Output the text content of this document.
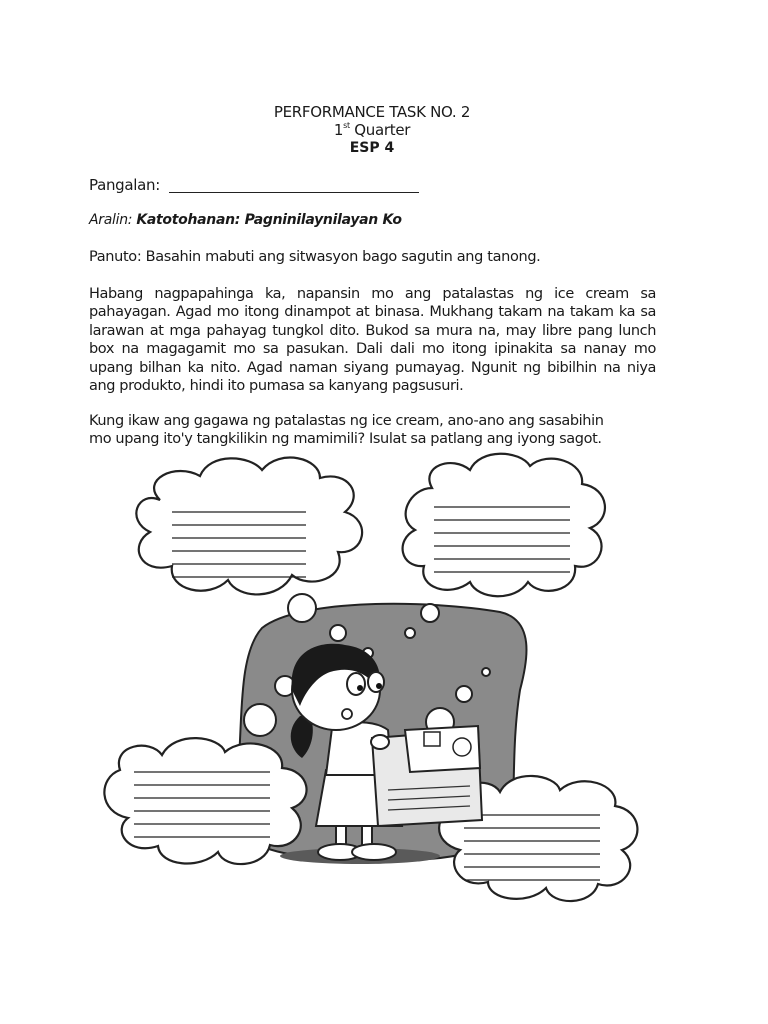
PERFORMANCE TASK NO. 2
1st Quarter
ESP 4
Pangalan:
Aralin: Katotohanan: Pagninilaynilayan Ko
Panuto: Basahin mabuti ang sitwasyon bago sagutin ang tanong.

Habang nagpapahinga ka, napansin mo ang patalastas ng ice cream sa pahayagan. Agad mo itong dinampot at binasa. Mukhang takam na takam ka sa larawan at mga pahayag tungkol dito. Bukod sa mura na, may libre pang lunch box na magagamit mo sa pasukan. Dali dali mo itong ipinakita sa nanay mo upang bilhan ka nito. Agad naman siyang pumayag. Ngunit ng bibilhin na niya ang produkto, hindi ito pumasa sa kanyang pagsusuri.

Kung ikaw ang gagawa ng patalastas ng ice cream, ano-ano ang sasabihin
mo upang ito'y tangkilikin ng mamimili? Isulat sa patlang ang iyong sagot.
